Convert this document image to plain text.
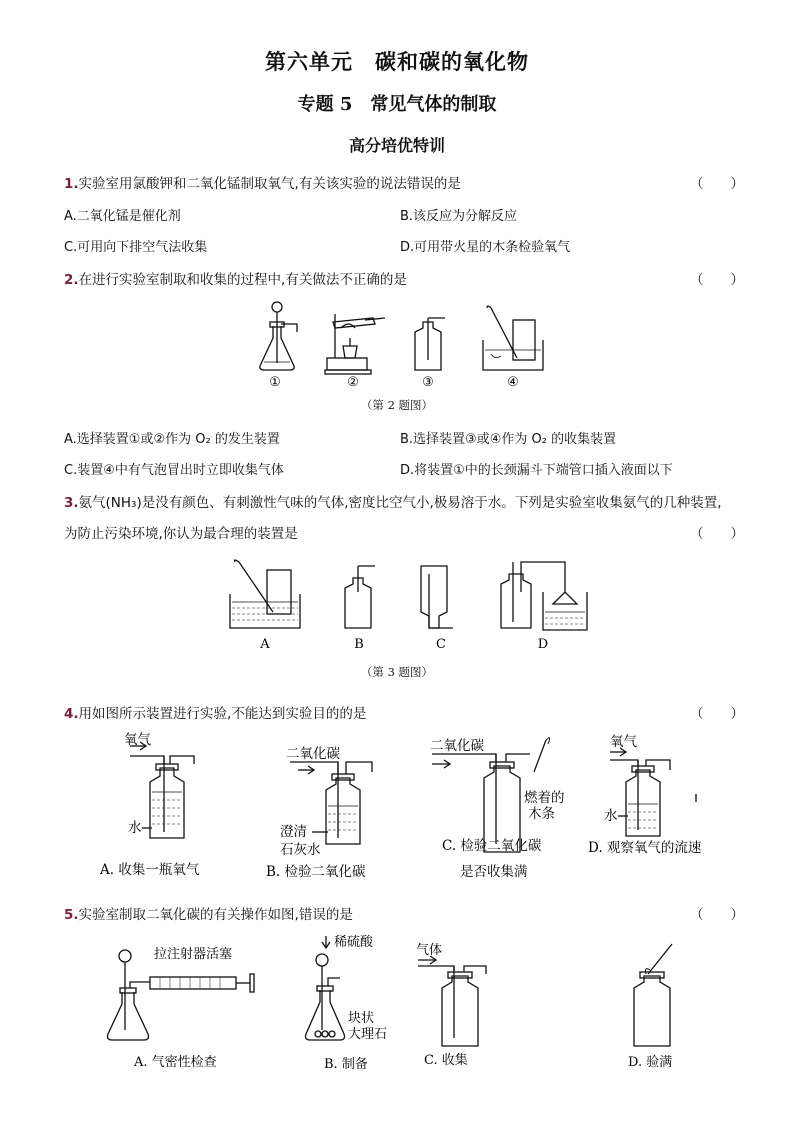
第六单元　碳和碳的氧化物
专题 5　常见气体的制取
高分培优特训
1.实验室用氯酸钾和二氧化锰制取氧气,有关该实验的说法错误的是	（　　）
A.二氧化锰是催化剂	B.该反应为分解反应
C.可用向下排空气法收集	D.可用带火星的木条检验氧气
2.在进行实验室制取和收集的过程中,有关做法不正确的是	（　　）
①	②	③	④
（第 2 题图）
A.选择装置①或②作为 O₂ 的发生装置	B.选择装置③或④作为 O₂ 的收集装置
C.装置④中有气泡冒出时立即收集气体	D.将装置①中的长颈漏斗下端管口插入液面以下
3.氨气(NH₃)是没有颜色、有刺激性气味的气体,密度比空气小,极易溶于水。下列是实验室收集氨气的几种装置,
为防止污染环境,你认为最合理的装置是	（　　）
A	B	C	D
（第 3 题图）
4.用如图所示装置进行实验,不能达到实验目的的是	（　　）
氧气
水
A. 收集一瓶氧气
二氧化碳
澄清
石灰水
B. 检验二氧化碳
二氧化碳
燃着的
木条
C. 检验二氧化碳
是否收集满
氧气
水
D. 观察氧气的流速
5.实验室制取二氧化碳的有关操作如图,错误的是	（　　）
拉注射器活塞
A. 气密性检查
稀硫酸
块状
大理石
B. 制备
气体
C. 收集	D. 验满
